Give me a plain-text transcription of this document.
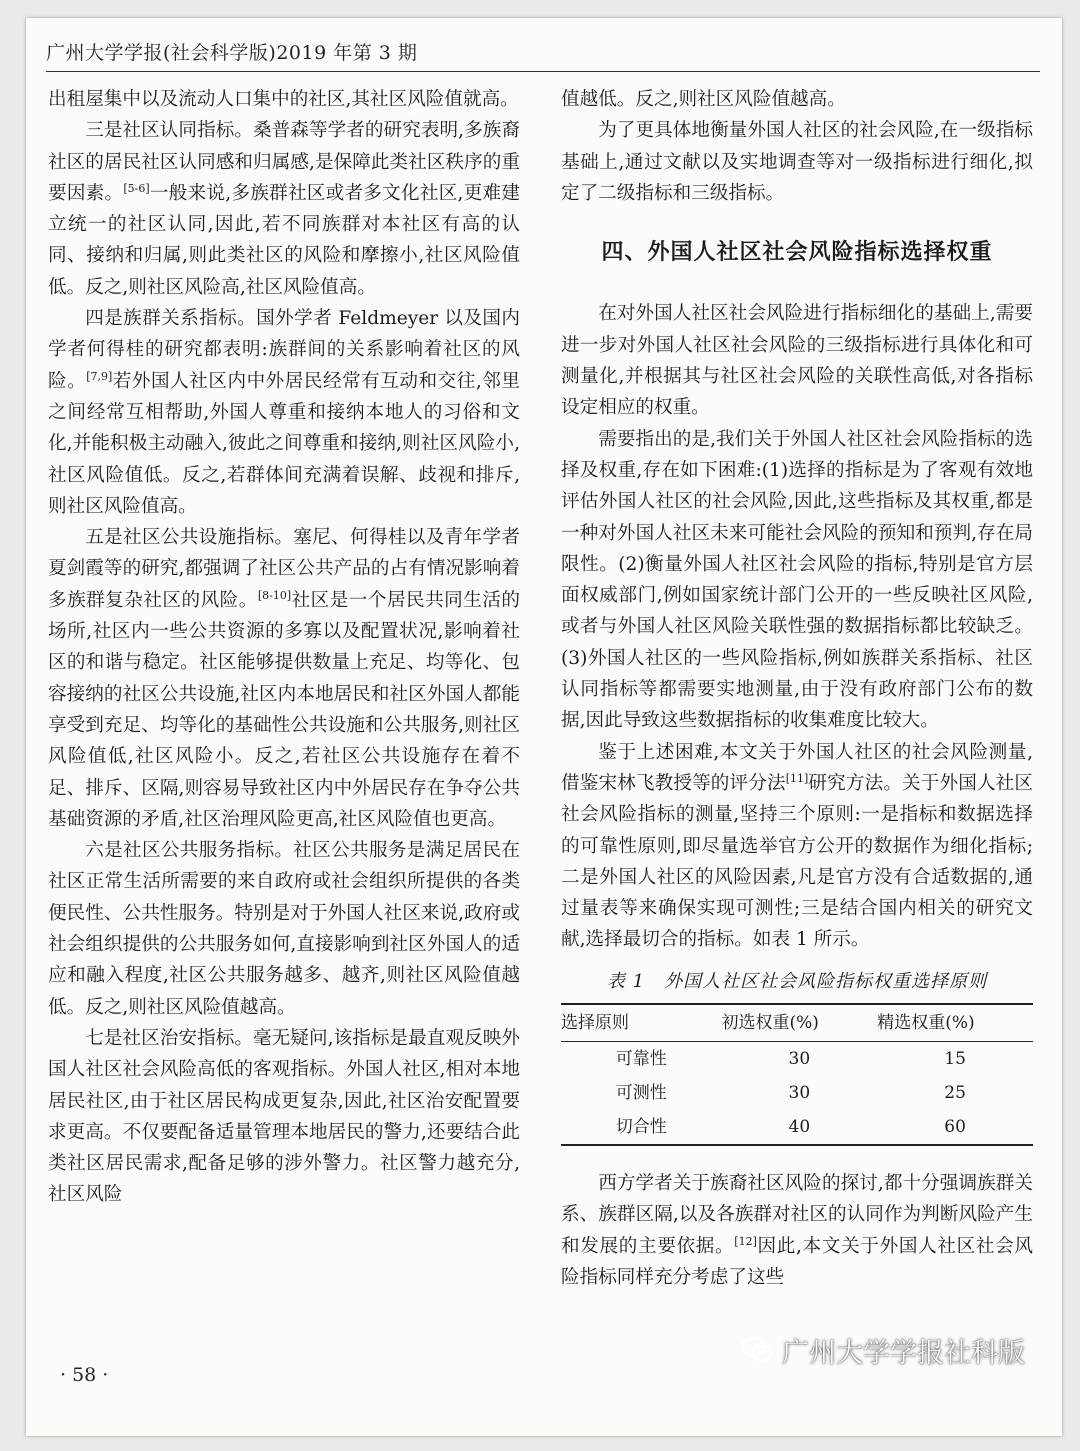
广州大学学报(社会科学版)2019 年第 3 期

出租屋集中以及流动人口集中的社区,其社区风险值就高。

三是社区认同指标。桑普森等学者的研究表明,多族裔社区的居民社区认同感和归属感,是保障此类社区秩序的重要因素。[5-6]一般来说,多族群社区或者多文化社区,更难建立统一的社区认同,因此,若不同族群对本社区有高的认同、接纳和归属,则此类社区的风险和摩擦小,社区风险值低。反之,则社区风险高,社区风险值高。

四是族群关系指标。国外学者 Feldmeyer 以及国内学者何得桂的研究都表明:族群间的关系影响着社区的风险。[7,9]若外国人社区内中外居民经常有互动和交往,邻里之间经常互相帮助,外国人尊重和接纳本地人的习俗和文化,并能积极主动融入,彼此之间尊重和接纳,则社区风险小,社区风险值低。反之,若群体间充满着误解、歧视和排斥,则社区风险值高。

五是社区公共设施指标。塞尼、何得桂以及青年学者夏剑霞等的研究,都强调了社区公共产品的占有情况影响着多族群复杂社区的风险。[8-10]社区是一个居民共同生活的场所,社区内一些公共资源的多寡以及配置状况,影响着社区的和谐与稳定。社区能够提供数量上充足、均等化、包容接纳的社区公共设施,社区内本地居民和社区外国人都能享受到充足、均等化的基础性公共设施和公共服务,则社区风险值低,社区风险小。反之,若社区公共设施存在着不足、排斥、区隔,则容易导致社区内中外居民存在争夺公共基础资源的矛盾,社区治理风险更高,社区风险值也更高。

六是社区公共服务指标。社区公共服务是满足居民在社区正常生活所需要的来自政府或社会组织所提供的各类便民性、公共性服务。特别是对于外国人社区来说,政府或社会组织提供的公共服务如何,直接影响到社区外国人的适应和融入程度,社区公共服务越多、越齐,则社区风险值越低。反之,则社区风险值越高。

七是社区治安指标。毫无疑问,该指标是最直观反映外国人社区社会风险高低的客观指标。外国人社区,相对本地居民社区,由于社区居民构成更复杂,因此,社区治安配置要求更高。不仅要配备适量管理本地居民的警力,还要结合此类社区居民需求,配备足够的涉外警力。社区警力越充分,社区风险

值越低。反之,则社区风险值越高。

为了更具体地衡量外国人社区的社会风险,在一级指标基础上,通过文献以及实地调查等对一级指标进行细化,拟定了二级指标和三级指标。

四、外国人社区社会风险指标选择权重

在对外国人社区社会风险进行指标细化的基础上,需要进一步对外国人社区社会风险的三级指标进行具体化和可测量化,并根据其与社区社会风险的关联性高低,对各指标设定相应的权重。

需要指出的是,我们关于外国人社区社会风险指标的选择及权重,存在如下困难:(1)选择的指标是为了客观有效地评估外国人社区的社会风险,因此,这些指标及其权重,都是一种对外国人社区未来可能社会风险的预知和预判,存在局限性。(2)衡量外国人社区社会风险的指标,特别是官方层面权威部门,例如国家统计部门公开的一些反映社区风险,或者与外国人社区风险关联性强的数据指标都比较缺乏。(3)外国人社区的一些风险指标,例如族群关系指标、社区认同指标等都需要实地测量,由于没有政府部门公布的数据,因此导致这些数据指标的收集难度比较大。

鉴于上述困难,本文关于外国人社区的社会风险测量,借鉴宋林飞教授等的评分法[11]研究方法。关于外国人社区社会风险指标的测量,坚持三个原则:一是指标和数据选择的可靠性原则,即尽量选举官方公开的数据作为细化指标;二是外国人社区的风险因素,凡是官方没有合适数据的,通过量表等来确保实现可测性;三是结合国内相关的研究文献,选择最切合的指标。如表 1 所示。

表 1　外国人社区社会风险指标权重选择原则
选择原则	初选权重(%)	精选权重(%)
可靠性	30	15
可测性	30	25
切合性	40	60

西方学者关于族裔社区风险的探讨,都十分强调族群关系、族群区隔,以及各族群对社区的认同作为判断风险产生和发展的主要依据。[12]因此,本文关于外国人社区社会风险指标同样充分考虑了这些

· 58 ·
广州大学学报社科版
